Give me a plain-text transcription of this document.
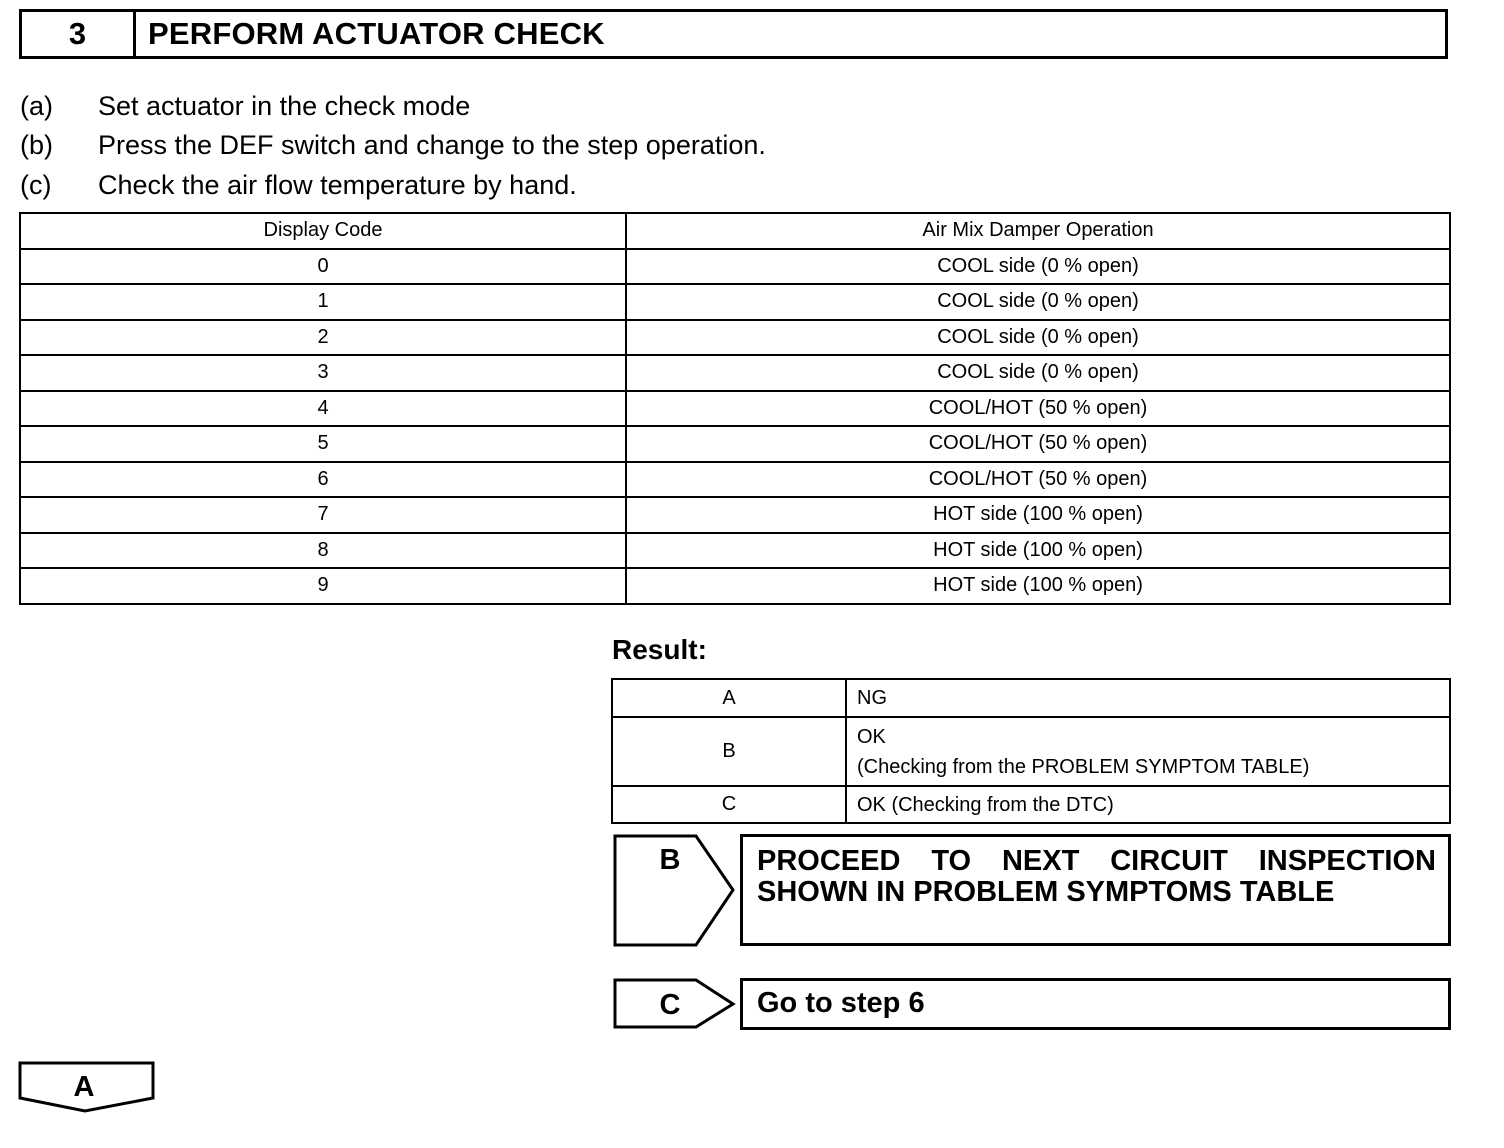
3	PERFORM ACTUATOR CHECK
(a)	Set actuator in the check mode
(b)	Press the DEF switch and change to the step operation.
(c)	Check the air flow temperature by hand.
Display Code	Air Mix Damper Operation
0	COOL side (0 % open)
1	COOL side (0 % open)
2	COOL side (0 % open)
3	COOL side (0 % open)
4	COOL/HOT (50 % open)
5	COOL/HOT (50 % open)
6	COOL/HOT (50 % open)
7	HOT side (100 % open)
8	HOT side (100 % open)
9	HOT side (100 % open)
Result:
A	NG
B	OK
(Checking from the PROBLEM SYMPTOM TABLE)

C	OK (Checking from the DTC)
B	PROCEED TO NEXT CIRCUIT INSPECTION
SHOWN IN PROBLEM SYMPTOMS TABLE
C	Go to step 6
A
